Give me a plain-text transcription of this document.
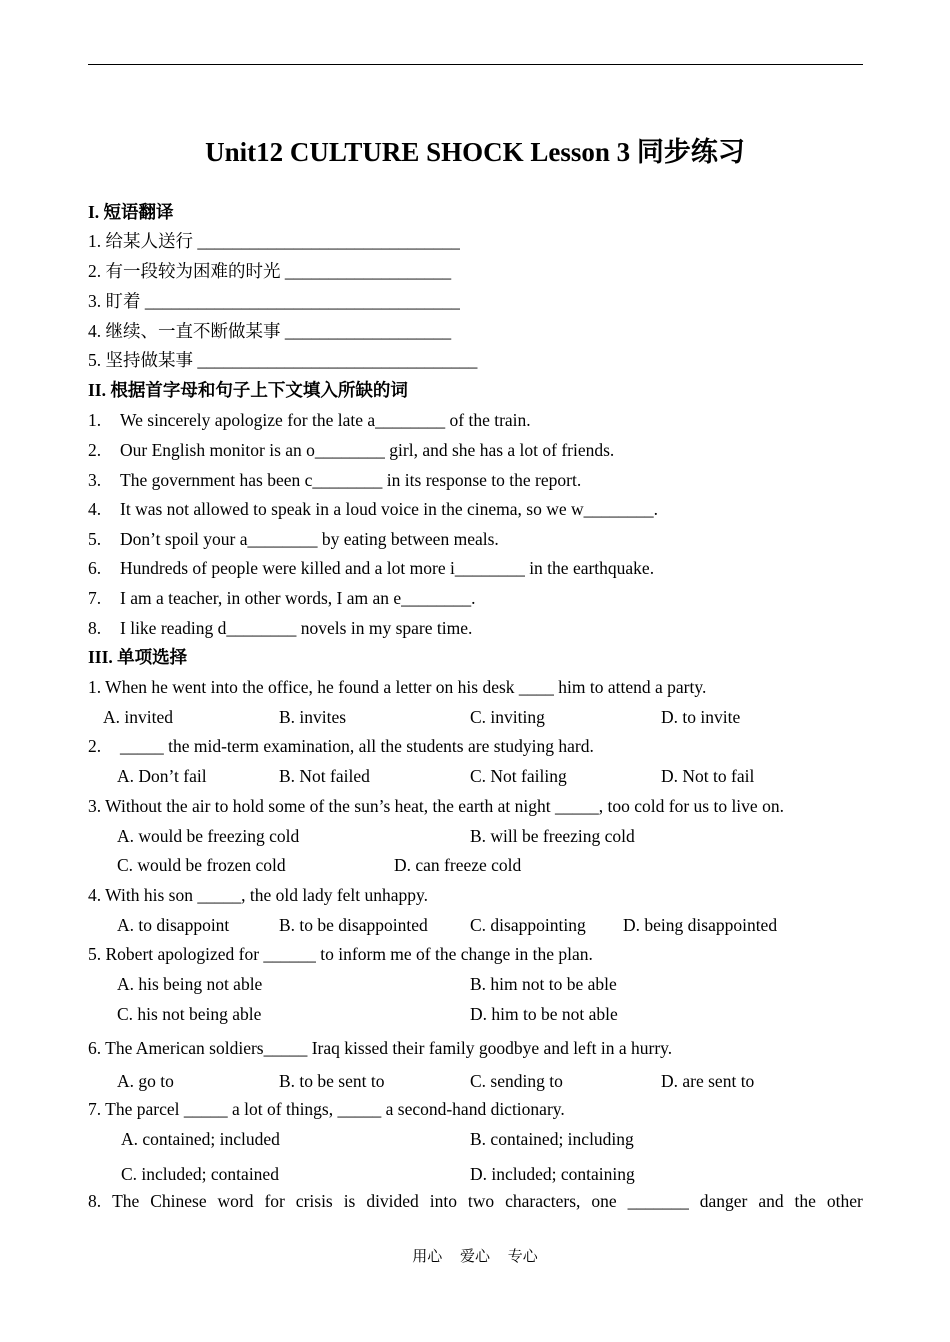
Unit12 CULTURE SHOCK Lesson 3 同步练习
I. 短语翻译
1. 给某人送行 ______________________________
2. 有一段较为困难的时光 ___________________
3. 盯着 ____________________________________
4. 继续、一直不断做某事 ___________________
5. 坚持做某事 ________________________________
II. 根据首字母和句子上下文填入所缺的词
1. We sincerely apologize for the late a________ of the train.
2. Our English monitor is an o________ girl, and she has a lot of friends.
3. The government has been c________ in its response to the report.
4. It was not allowed to speak in a loud voice in the cinema, so we w________.
5. Don’t spoil your a________ by eating between meals.
6. Hundreds of people were killed and a lot more i________ in the earthquake.
7. I am a teacher, in other words, I am an e________.
8. I like reading d________ novels in my spare time.
III. 单项选择
1. When he went into the office, he found a letter on his desk ____ him to attend a party.
A. invited	B. invites	C. inviting	D. to invite
2. _____ the mid-term examination, all the students are studying hard.
A. Don’t fail	B. Not failed	C. Not failing	D. Not to fail
3. Without the air to hold some of the sun’s heat, the earth at night _____, too cold for us to live on.
A. would be freezing cold	B. will be freezing cold
C. would be frozen cold	D. can freeze cold
4. With his son _____, the old lady felt unhappy.
A. to disappoint	B. to be disappointed C. disappointing D. being disappointed
5. Robert apologized for ______ to inform me of the change in the plan.
A. his being not able	B. him not to be able
C. his not being able	D. him to be not able
6. The American soldiers_____ Iraq kissed their family goodbye and left in a hurry.
A. go to	B. to be sent to	C. sending to	D. are sent to
7. The parcel _____ a lot of things, _____ a second-hand dictionary.
A. contained; included	B. contained; including
C. included; contained	D. included; containing
8. The Chinese word for crisis is divided into two characters, one _______ danger and the other
用心 爱心 专心
